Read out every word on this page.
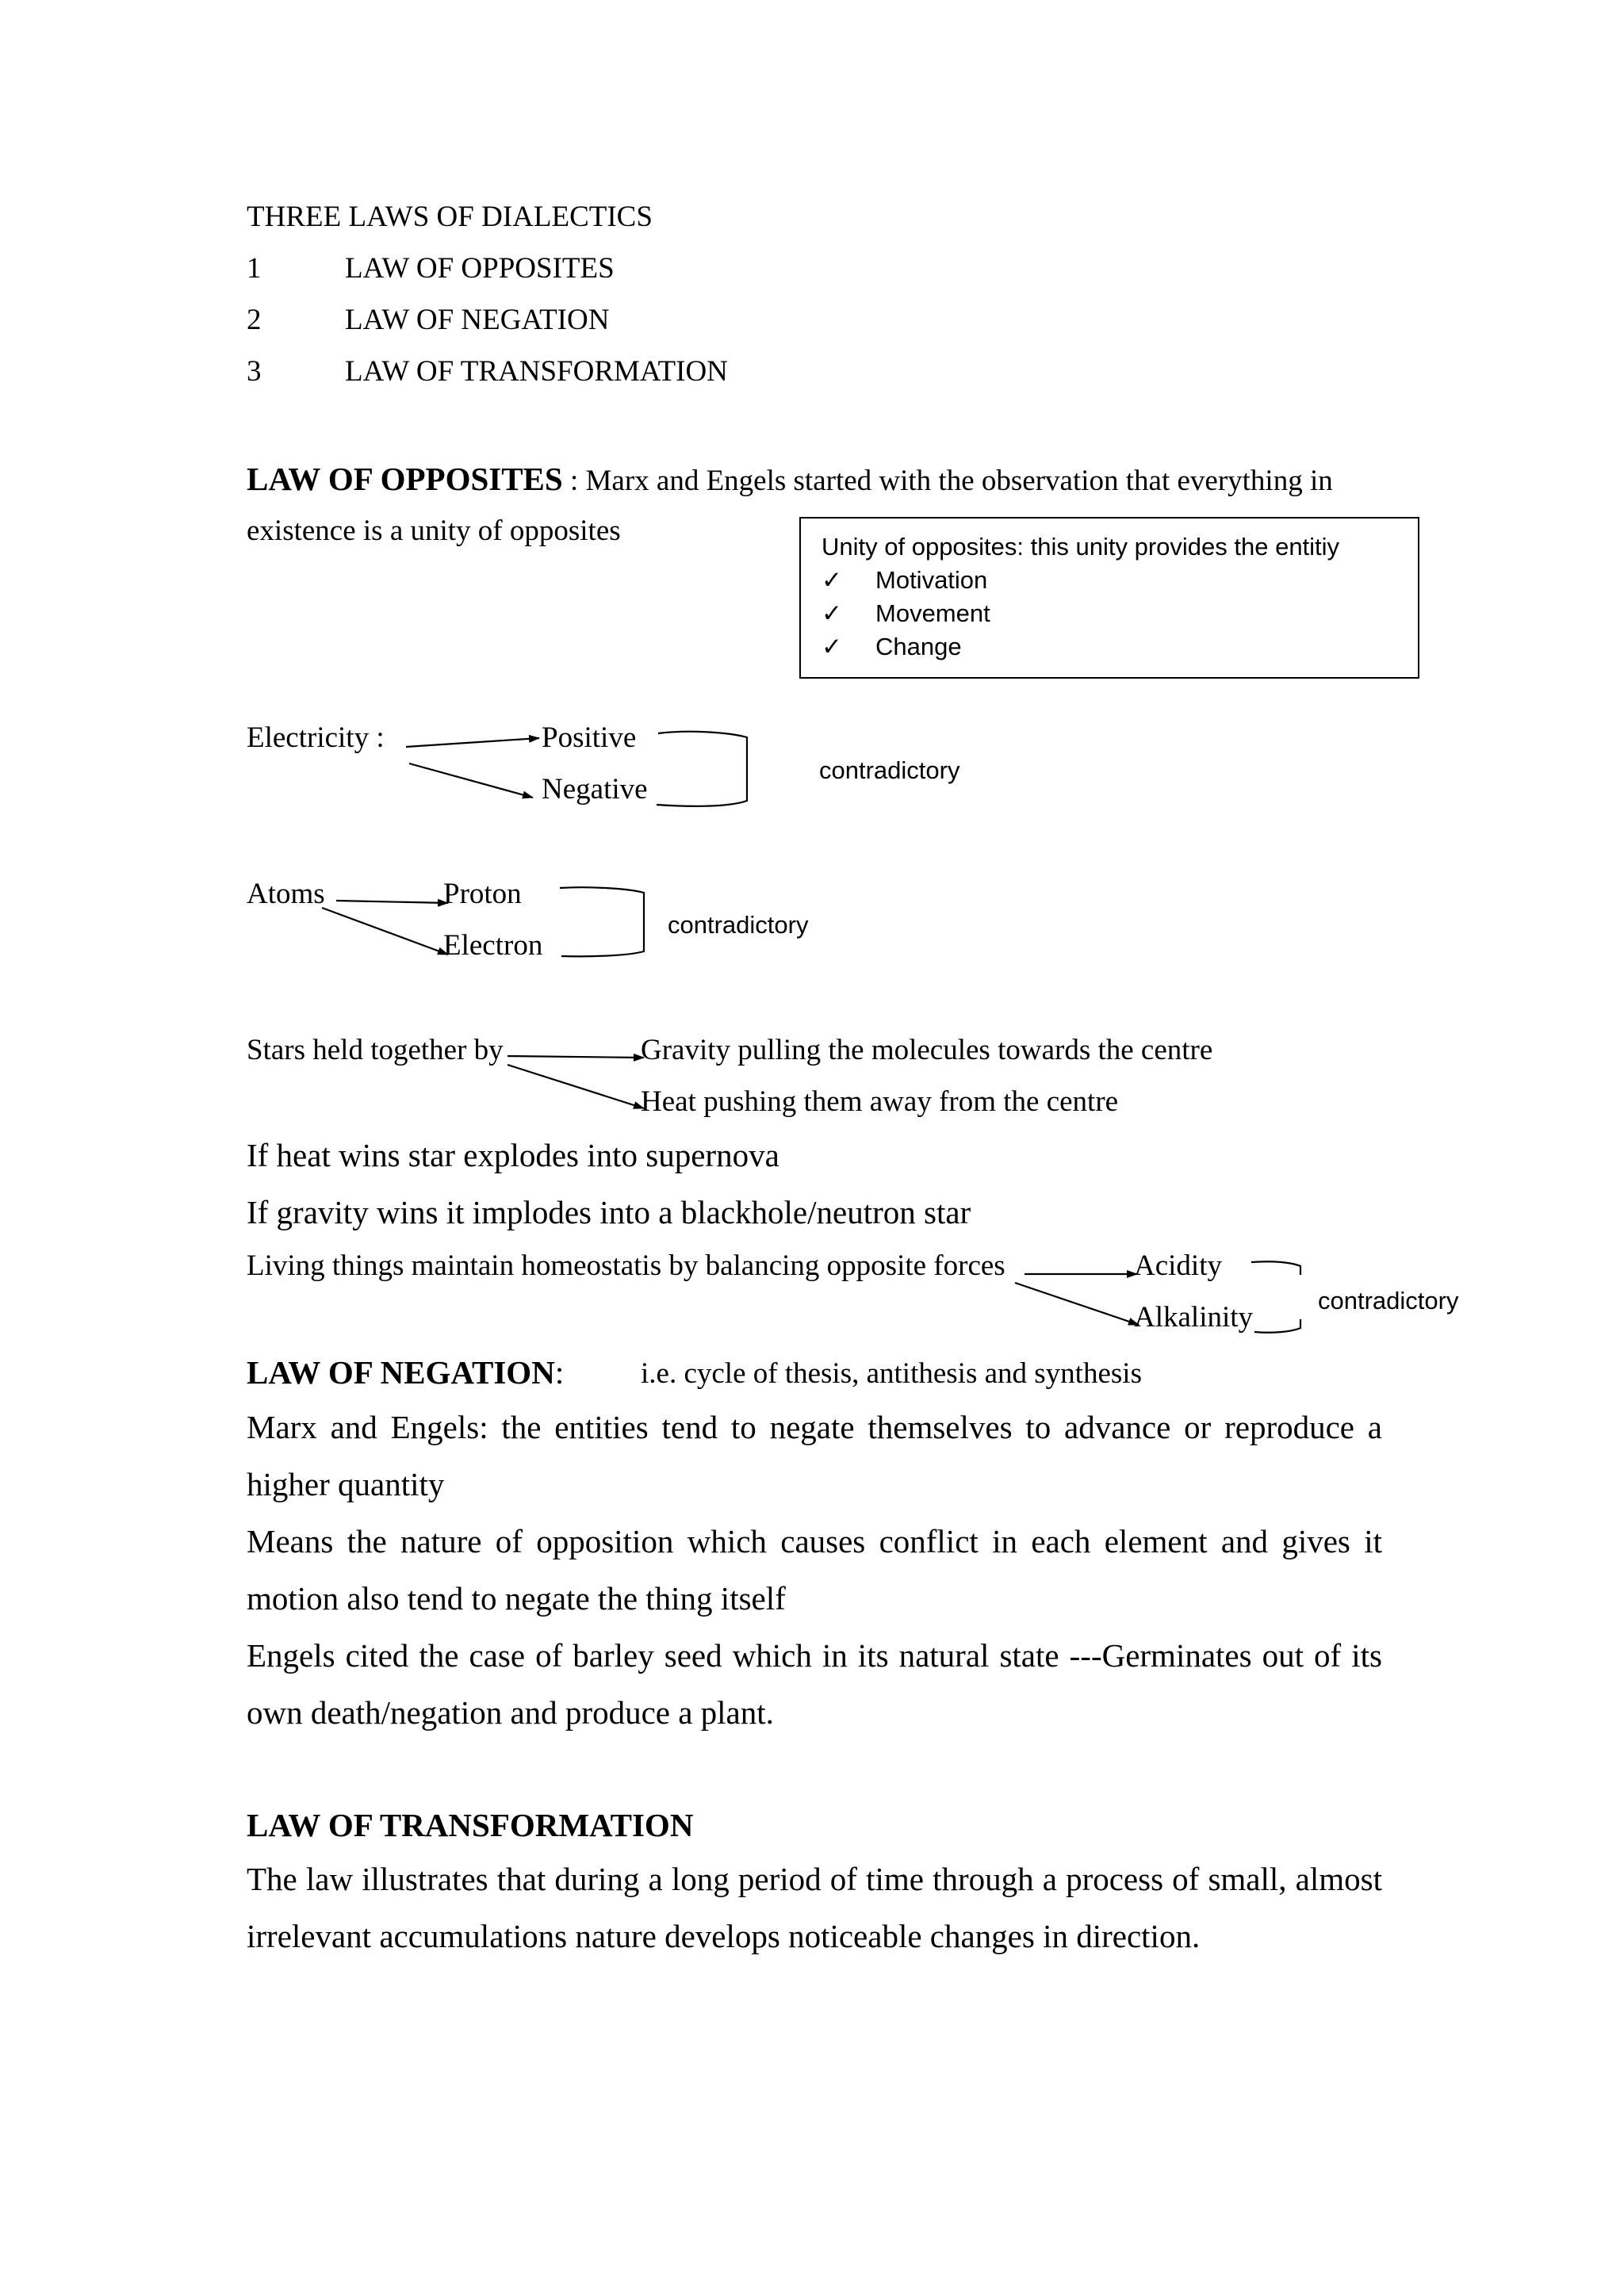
THREE LAWS OF DIALECTICS
1	LAW OF OPPOSITES
2	LAW OF NEGATION
3	LAW OF TRANSFORMATION
LAW OF OPPOSITES : Marx and Engels started with the observation that everything in
existence is a unity of opposites	Unity of opposites: this unity provides the entitiy
✓ Motivation
✓ Movement
✓ Change
Electricity :	Positive
Negative
contradictory
Atoms	Proton
Electron
contradictory
Stars held together by	Gravity pulling the molecules towards the centre
Heat pushing them away from the centre
If heat wins star explodes into supernova
If gravity wins it implodes into a blackhole/neutron star
Living things maintain homeostatis by balancing opposite forces	Acidity
Alkalinity
contradictory
LAW OF NEGATION:	i.e. cycle of thesis, antithesis and synthesis
Marx and Engels: the entities tend to negate themselves to advance or reproduce a higher quantity
Means the nature of opposition which causes conflict in each element and gives it motion also tend to negate the thing itself
Engels cited the case of barley seed which in its natural state ---Germinates out of its own death/negation and produce a plant.
LAW OF TRANSFORMATION
The law illustrates that during a long period of time through a process of small, almost irrelevant accumulations nature develops noticeable changes in direction.
